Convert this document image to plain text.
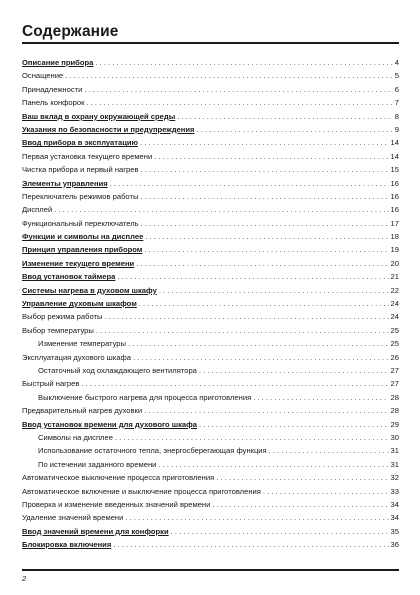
Содержание
Описание прибора . . .	4
Оснащение . . .	5
Принадлежности . . .	6
Панель конфорок . . .	7
Ваш вклад в охрану окружающей среды . . .	8
Указания по безопасности и предупреждения . . .	9
Ввод прибора в эксплуатацию . . .	14
Первая установка текущего времени . . .	14
Чистка прибора и первый нагрев . . .	15
Элементы управления . . .	16
Переключатель режимов работы . . .	16
Дисплей . . .	16
Функциональный переключатель . . .	17
Функции и символы на дисплее . . .	18
Принцип управления прибором . . .	19
Изменение текущего времени . . .	20
Ввод установок таймера . . .	21
Системы нагрева в духовом шкафу . . .	22
Управление духовым шкафом . . .	24
Выбор режима работы . . .	24
Выбор температуры . . .	25
Изменение температуры . . .	25
Эксплуатация духового шкафа . . .	26
Остаточный ход охлаждающего вентилятора . . .	27
Быстрый нагрев . . .	27
Выключение быстрого нагрева для процесса приготовления . . .	28
Предварительный нагрев духовки . . .	28
Ввод установок времени для духового шкафа . . .	29
Символы на дисплее . . .	30
Использование остаточного тепла, энергосберегающая функция . . .	31
По истечении заданного времени . . .	31
Автоматическое выключение процесса приготовления . . .	32
Автоматическое включение и выключение процесса приготовления . . .	33
Проверка и изменение введенных значений времени . . .	34
Удаление значений времени . . .	34
Ввод значений времени для конфорки . . .	35
Блокировка включения . . .	36
2
